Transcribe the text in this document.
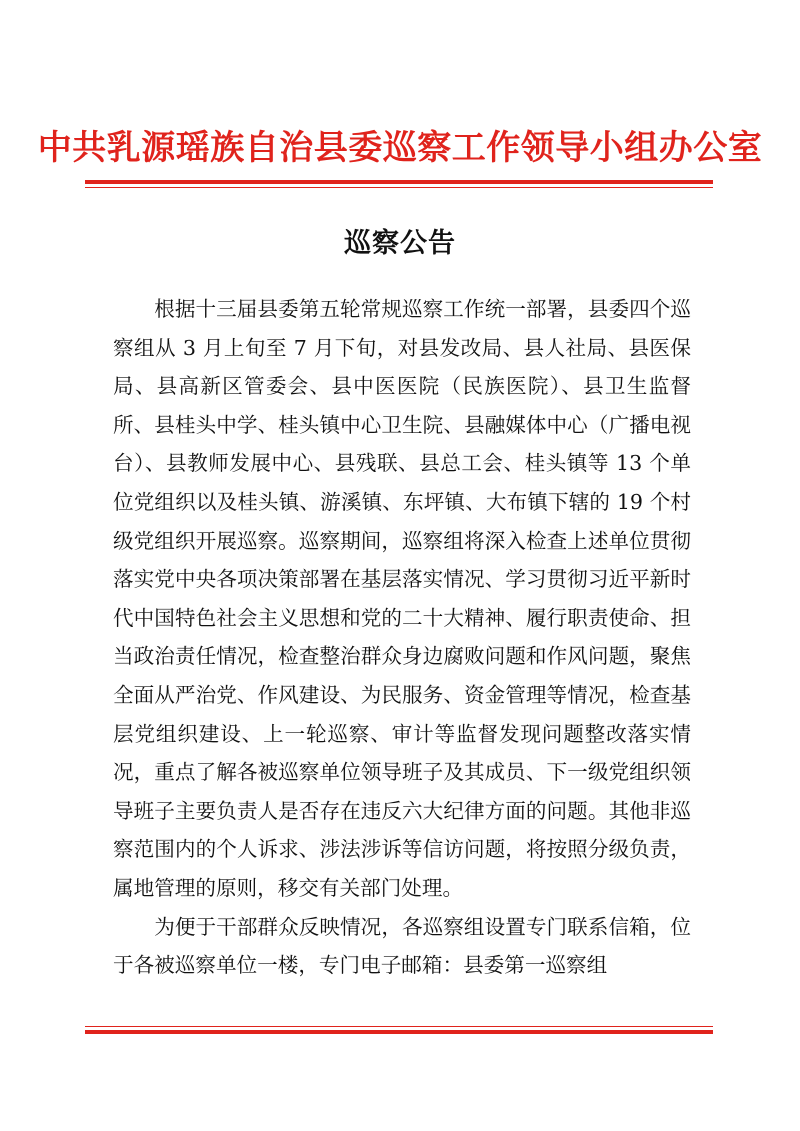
中共乳源瑶族自治县委巡察工作领导小组办公室
巡察公告

根据十三届县委第五轮常规巡察工作统一部署，县委四个巡察组从 3 月上旬至 7 月下旬，对县发改局、县人社局、县医保局、县高新区管委会、县中医医院（民族医院）、县卫生监督所、县桂头中学、桂头镇中心卫生院、县融媒体中心（广播电视台）、县教师发展中心、县残联、县总工会、桂头镇等 13 个单位党组织以及桂头镇、游溪镇、东坪镇、大布镇下辖的 19 个村级党组织开展巡察。巡察期间，巡察组将深入检查上述单位贯彻落实党中央各项决策部署在基层落实情况、学习贯彻习近平新时代中国特色社会主义思想和党的二十大精神、履行职责使命、担当政治责任情况，检查整治群众身边腐败问题和作风问题，聚焦全面从严治党、作风建设、为民服务、资金管理等情况，检查基层党组织建设、上一轮巡察、审计等监督发现问题整改落实情况，重点了解各被巡察单位领导班子及其成员、下一级党组织领导班子主要负责人是否存在违反六大纪律方面的问题。其他非巡察范围内的个人诉求、涉法涉诉等信访问题，将按照分级负责，属地管理的原则，移交有关部门处理。

为便于干部群众反映情况，各巡察组设置专门联系信箱，位于各被巡察单位一楼，专门电子邮箱：县委第一巡察组
